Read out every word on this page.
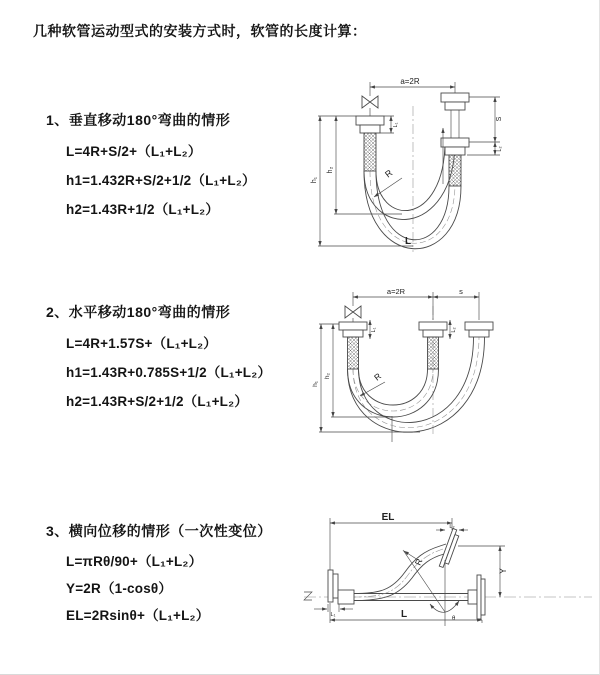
几种软管运动型式的安装方式时，软管的长度计算：
1、垂直移动180°弯曲的情形
L=4R+S/2+（L₁+L₂）
h1=1.432R+S/2+1/2（L₁+L₂）
h2=1.43R+1/2（L₁+L₂）
a=2R
h₁
h₂
S
L₂
L₁
R
L
2、水平移动180°弯曲的情形
L=4R+1.57S+（L₁+L₂）
h1=1.43R+0.785S+1/2（L₁+L₂）
h2=1.43R+S/2+1/2（L₁+L₂）
a=2R	s
h₁
h₂
L₁	L₂
R
3、横向位移的情形（一次性变位）
L=πRθ/90+（L₁+L₂）
Y=2R（1-cosθ）
EL=2Rsinθ+（L₁+L₂）
EL
L₂
Y
R
θ
L
L₁
